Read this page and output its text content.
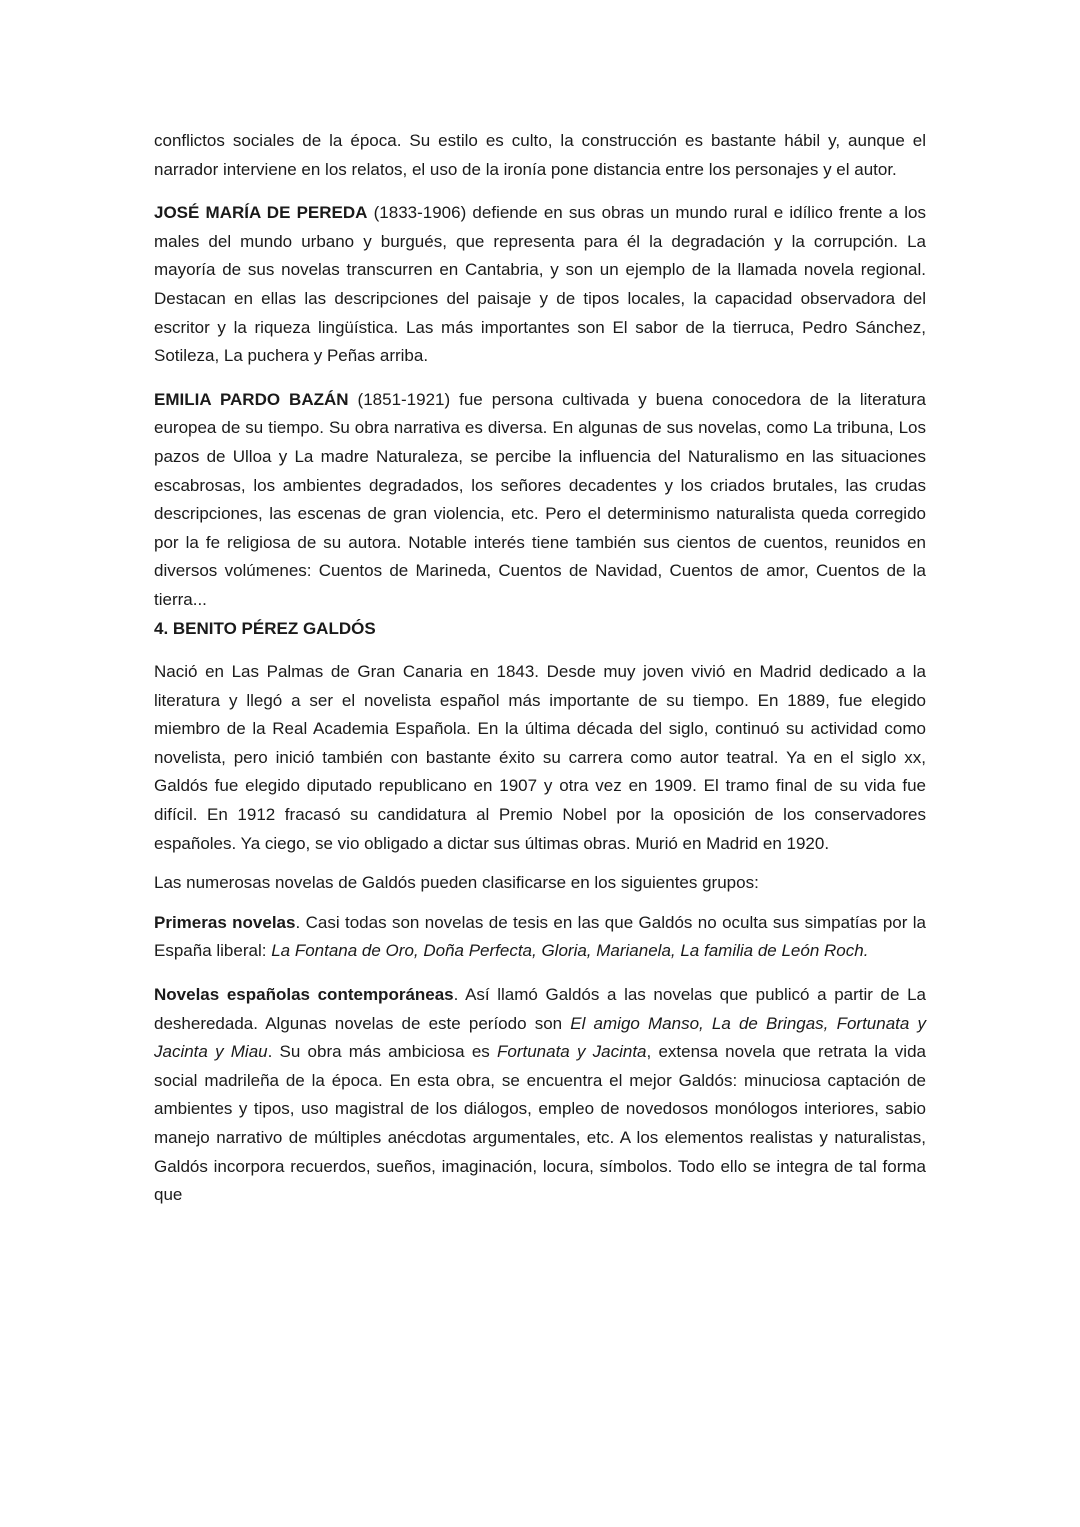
conflictos sociales de la época. Su estilo es culto, la construcción es bastante hábil y, aunque el narrador interviene en los relatos, el uso de la ironía pone distancia entre los personajes y el autor.

JOSÉ MARÍA DE PEREDA (1833-1906) defiende en sus obras un mundo rural e idílico frente a los males del mundo urbano y burgués, que representa para él la degradación y la corrupción. La mayoría de sus novelas transcurren en Cantabria, y son un ejemplo de la llamada novela regional. Destacan en ellas las descripciones del paisaje y de tipos locales, la capacidad observadora del escritor y la riqueza lingüística. Las más importantes son El sabor de la tierruca, Pedro Sánchez, Sotileza, La puchera y Peñas arriba.

EMILIA PARDO BAZÁN (1851-1921) fue persona cultivada y buena conocedora de la literatura europea de su tiempo. Su obra narrativa es diversa. En algunas de sus novelas, como La tribuna, Los pazos de Ulloa y La madre Naturaleza, se percibe la influencia del Naturalismo en las situaciones escabrosas, los ambientes degradados, los señores decadentes y los criados brutales, las crudas descripciones, las escenas de gran violencia, etc. Pero el determinismo naturalista queda corregido por la fe religiosa de su autora. Notable interés tiene también sus cientos de cuentos, reunidos en diversos volúmenes: Cuentos de Marineda, Cuentos de Navidad, Cuentos de amor, Cuentos de la tierra...

4. BENITO PÉREZ GALDÓS

Nació en Las Palmas de Gran Canaria en 1843. Desde muy joven vivió en Madrid dedicado a la literatura y llegó a ser el novelista español más importante de su tiempo. En 1889, fue elegido miembro de la Real Academia Española. En la última década del siglo, continuó su actividad como novelista, pero inició también con bastante éxito su carrera como autor teatral. Ya en el siglo xx, Galdós fue elegido diputado republicano en 1907 y otra vez en 1909. El tramo final de su vida fue difícil. En 1912 fracasó su candidatura al Premio Nobel por la oposición de los conservadores españoles. Ya ciego, se vio obligado a dictar sus últimas obras. Murió en Madrid en 1920.

Las numerosas novelas de Galdós pueden clasificarse en los siguientes grupos:

Primeras novelas. Casi todas son novelas de tesis en las que Galdós no oculta sus simpatías por la España liberal: La Fontana de Oro, Doña Perfecta, Gloria, Marianela, La familia de León Roch.

Novelas españolas contemporáneas. Así llamó Galdós a las novelas que publicó a partir de La desheredada. Algunas novelas de este período son El amigo Manso, La de Bringas, Fortunata y Jacinta y Miau. Su obra más ambiciosa es Fortunata y Jacinta, extensa novela que retrata la vida social madrileña de la época. En esta obra, se encuentra el mejor Galdós: minuciosa captación de ambientes y tipos, uso magistral de los diálogos, empleo de novedosos monólogos interiores, sabio manejo narrativo de múltiples anécdotas argumentales, etc. A los elementos realistas y naturalistas, Galdós incorpora recuerdos, sueños, imaginación, locura, símbolos. Todo ello se integra de tal forma que
